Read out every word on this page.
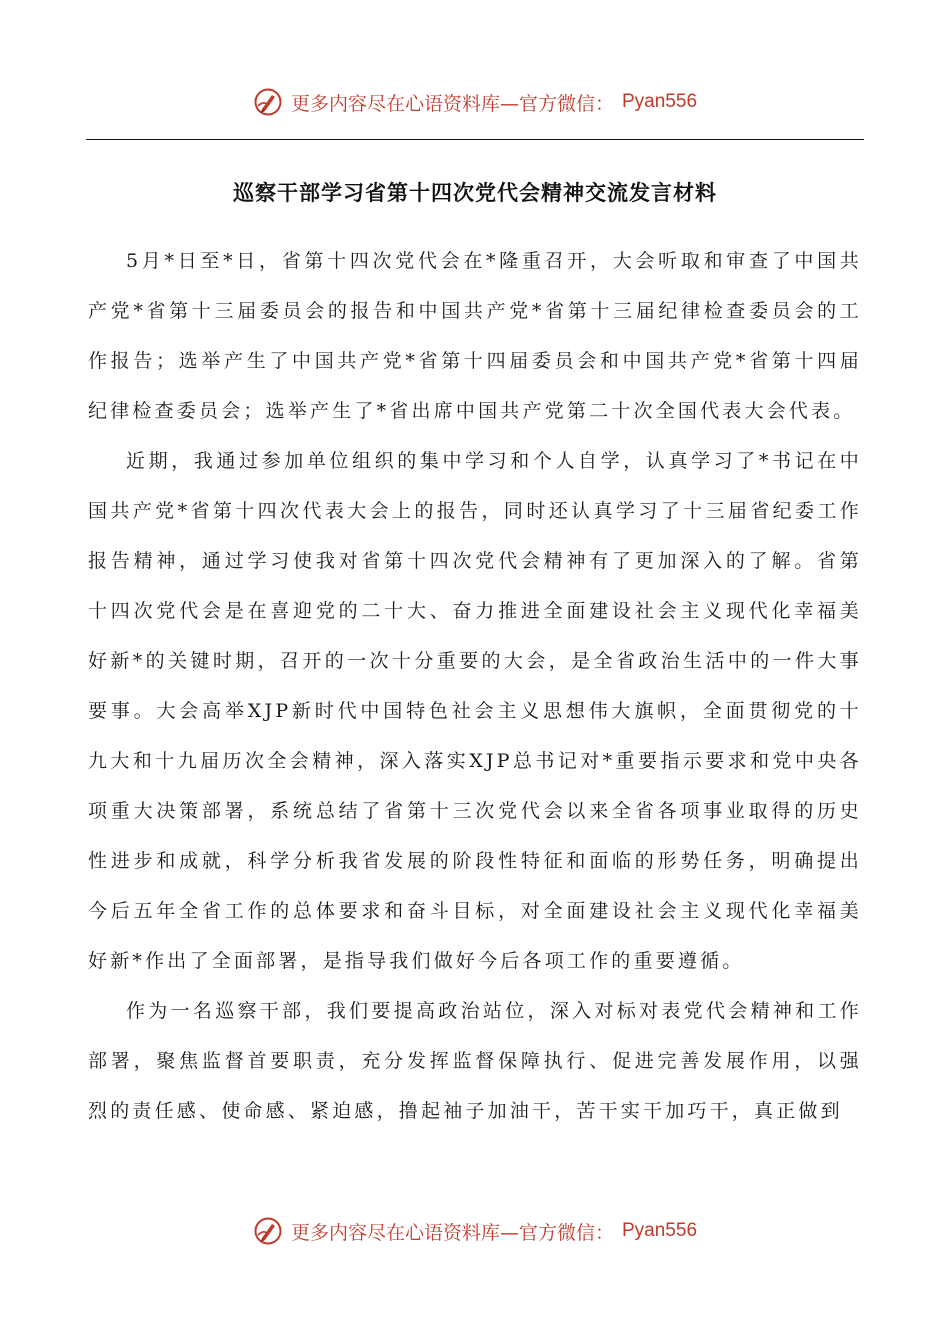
更多内容尽在心语资料库—官方微信： Pyan556
巡察干部学习省第十四次党代会精神交流发言材料

5月*日至*日，省第十四次党代会在*隆重召开，大会听取和审查了中国共产党*省第十三届委员会的报告和中国共产党*省第十三届纪律检查委员会的工作报告；选举产生了中国共产党*省第十四届委员会和中国共产党*省第十四届纪律检查委员会；选举产生了*省出席中国共产党第二十次全国代表大会代表。

近期，我通过参加单位组织的集中学习和个人自学，认真学习了*书记在中国共产党*省第十四次代表大会上的报告，同时还认真学习了十三届省纪委工作报告精神，通过学习使我对省第十四次党代会精神有了更加深入的了解。省第十四次党代会是在喜迎党的二十大、奋力推进全面建设社会主义现代化幸福美好新*的关键时期，召开的一次十分重要的大会，是全省政治生活中的一件大事要事。大会高举XJP新时代中国特色社会主义思想伟大旗帜，全面贯彻党的十九大和十九届历次全会精神，深入落实XJP总书记对*重要指示要求和党中央各项重大决策部署，系统总结了省第十三次党代会以来全省各项事业取得的历史性进步和成就，科学分析我省发展的阶段性特征和面临的形势任务，明确提出今后五年全省工作的总体要求和奋斗目标，对全面建设社会主义现代化幸福美好新*作出了全面部署，是指导我们做好今后各项工作的重要遵循。

作为一名巡察干部，我们要提高政治站位，深入对标对表党代会精神和工作部署，聚焦监督首要职责，充分发挥监督保障执行、促进完善发展作用，以强烈的责任感、使命感、紧迫感，撸起袖子加油干，苦干实干加巧干，真正做到

更多内容尽在心语资料库—官方微信： Pyan556
